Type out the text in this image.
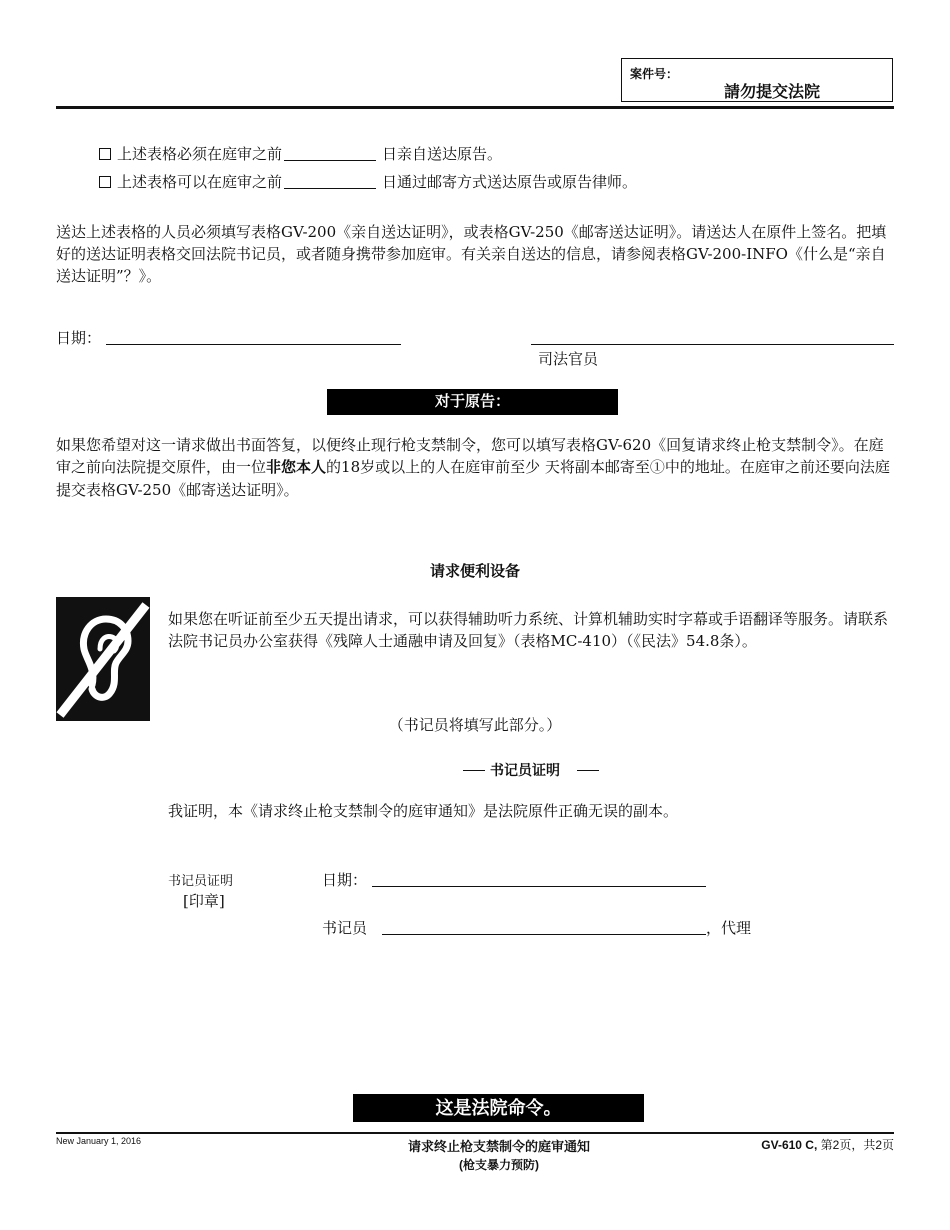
案件号：
請勿提交法院
上述表格必须在庭审之前	日亲自送达原告。
上述表格可以在庭审之前	日通过邮寄方式送达原告或原告律师。
送达上述表格的人员必须填写表格GV-200《亲自送达证明》，或表格GV-250《邮寄送达证明》。请送达人在原件上签名。把填好的送达证明表格交回法院书记员，或者随身携带参加庭审。有关亲自送达的信息，请参阅表格GV-200-INFO《什么是“亲自送达证明”？》。
日期：
司法官员
对于原告：
如果您希望对这一请求做出书面答复，以便终止现行枪支禁制令，您可以填写表格GV-620《回复请求终止枪支禁制令》。在庭审之前向法院提交原件，由一位非您本人的18岁或以上的人在庭审前至少 天将副本邮寄至①中的地址。在庭审之前还要向法庭提交表格GV-250《邮寄送达证明》。
请求便利设备
如果您在听证前至少五天提出请求，可以获得辅助听力系统、计算机辅助实时字幕或手语翻译等服务。请联系法院书记员办公室获得《残障人士通融申请及回复》（表格MC-410）（《民法》54.8条）。
（书记员将填写此部分。）
书记员证明
我证明，本《请求终止枪支禁制令的庭审通知》是法院原件正确无误的副本。
书记员证明
[印章]
日期：
书记员	，代理
这是法院命令。
New January 1, 2016	请求终止枪支禁制令的庭审通知
(枪支暴力预防)
GV-610 C, 第2页，共2页
